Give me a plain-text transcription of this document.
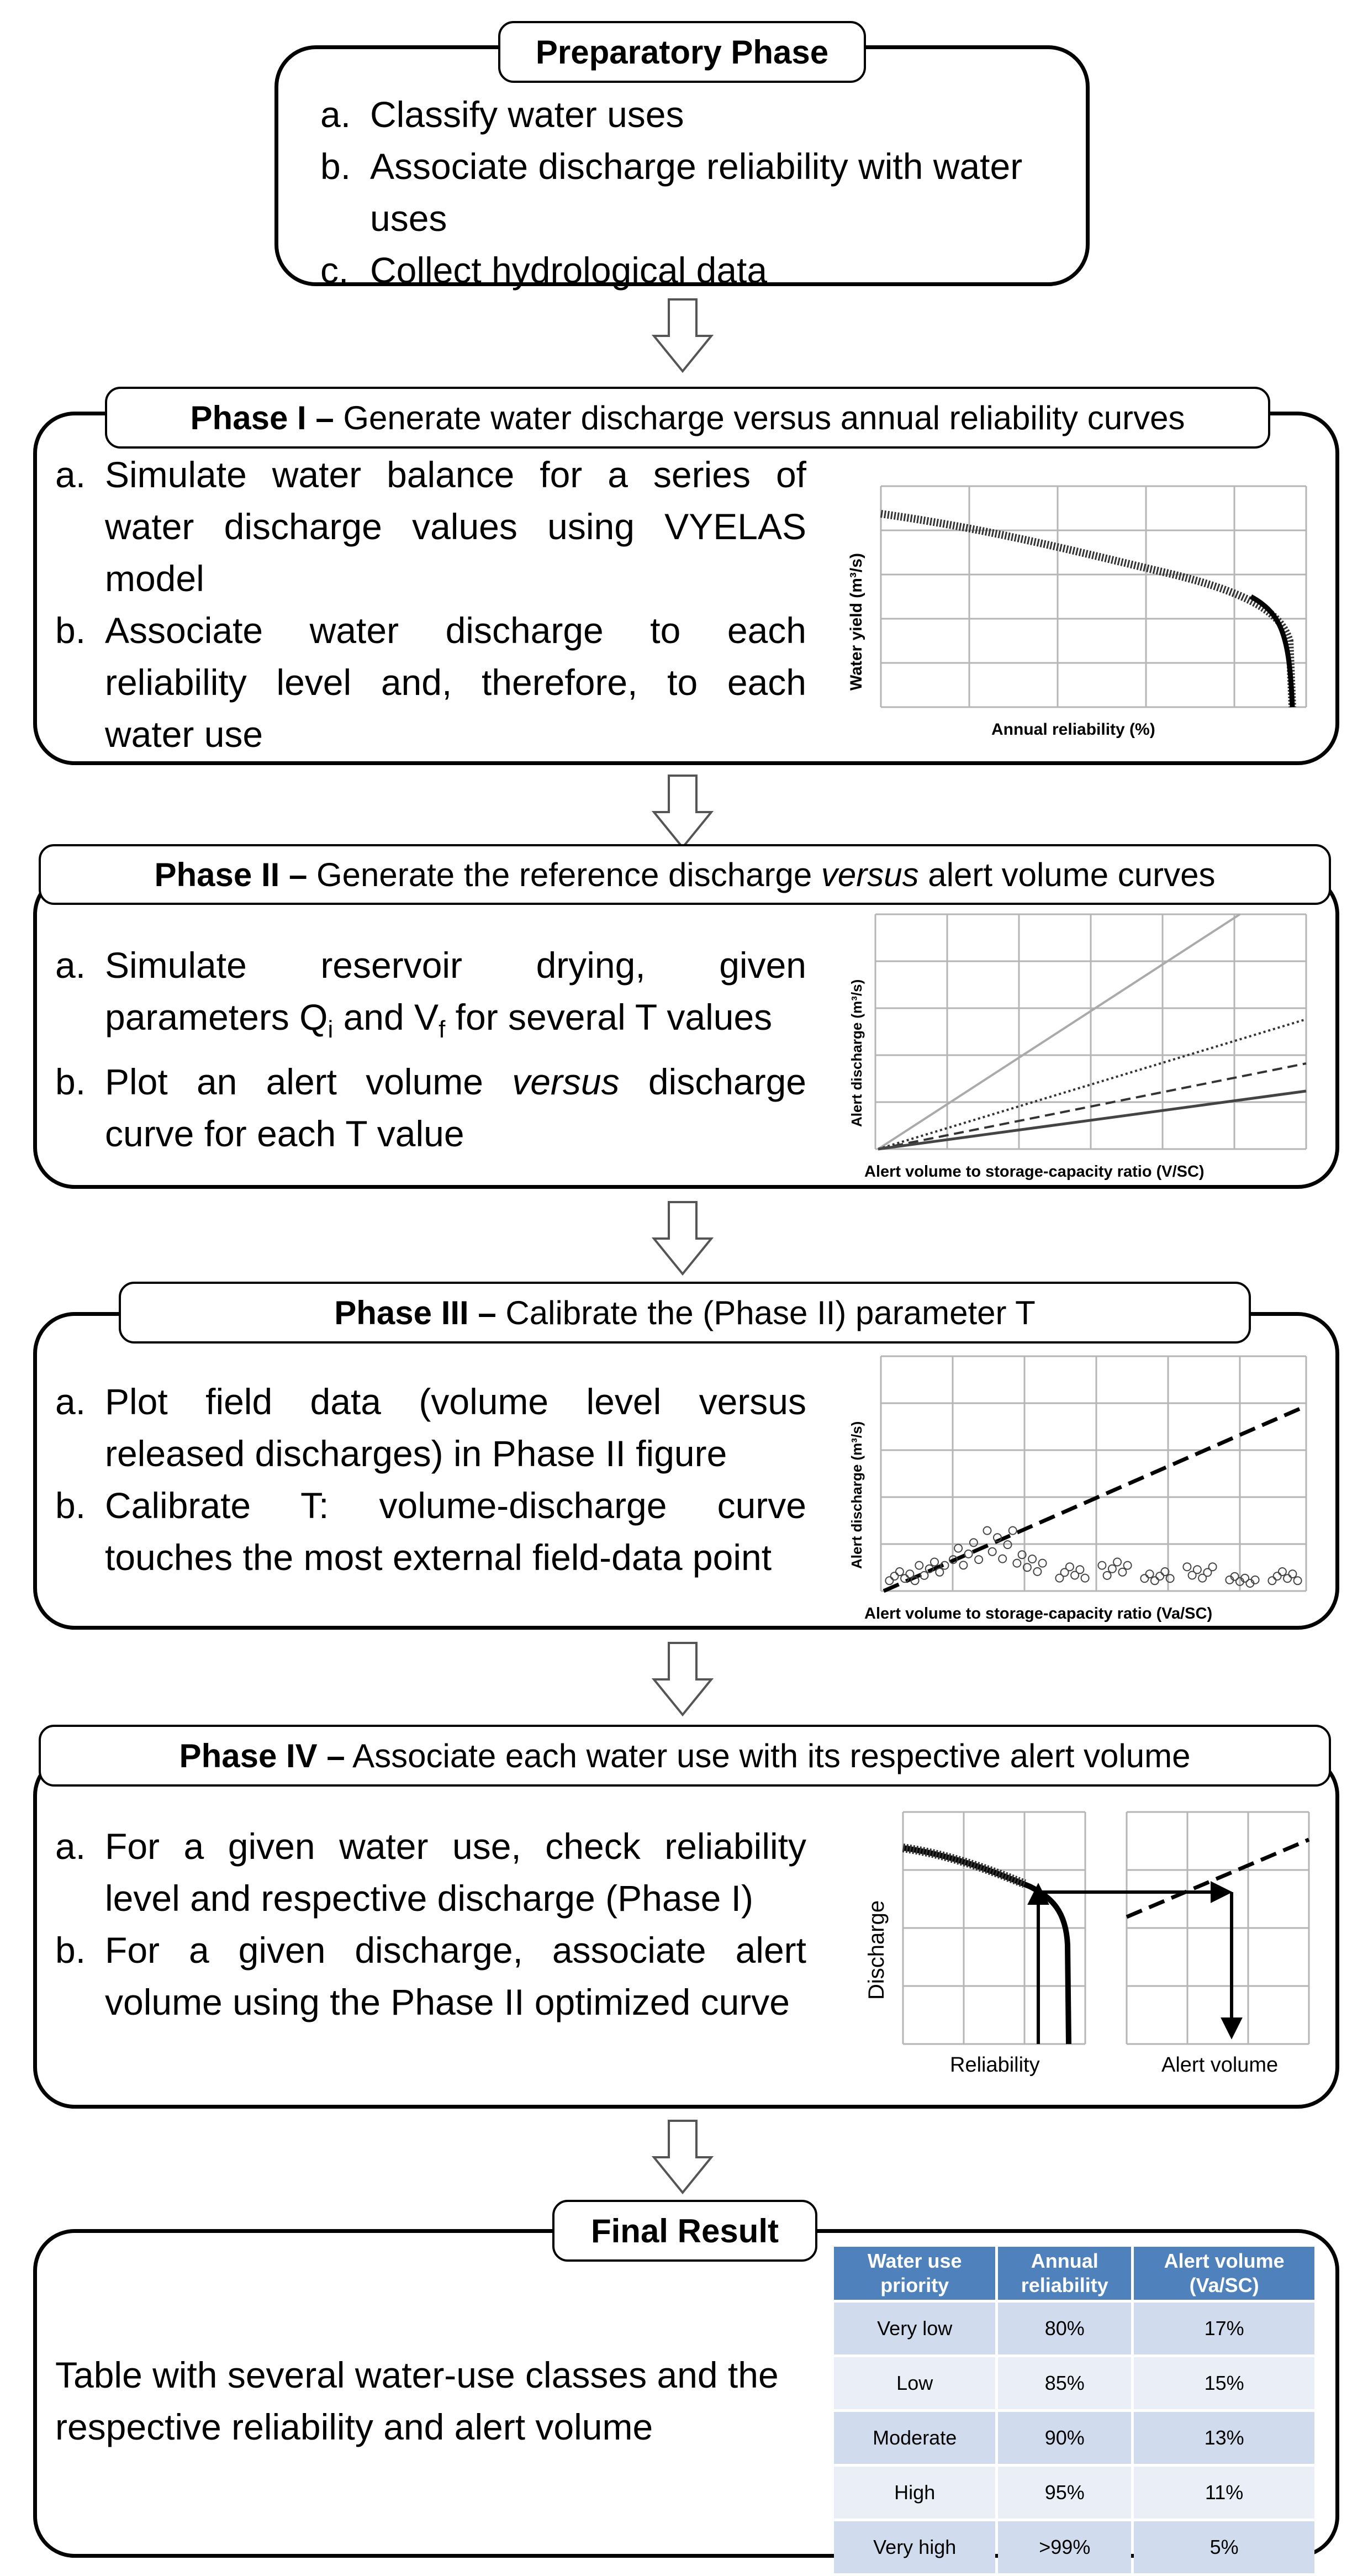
Preparatory Phase
a. Classify water uses
b. Associate discharge reliability with water uses
c. Collect hydrological data
Phase I – Generate water discharge versus annual reliability curves
a. Simulate water balance for a series of water discharge values using VYELAS model
b. Associate water discharge to each reliability level and, therefore, to each water use
Water yield (m³/s)
Annual reliability (%)
Phase II – Generate the reference discharge versus alert volume curves
a. Simulate reservoir drying, given parameters $Q_i$ and $V_f$ for several T values
b. Plot an alert volume versus discharge curve for each T value
Alert discharge (m³/s)
Alert volume to storage-capacity ratio (V/SC)
Phase III – Calibrate the (Phase II) parameter T
a. Plot field data (volume level versus released discharges) in Phase II figure
b. Calibrate T: volume-discharge curve touches the most external field-data point	Alert discharge (m³/s)
Alert volume to storage-capacity ratio (Va/SC)
Phase IV – Associate each water use with its respective alert volume
a. For a given water use, check reliability level and respective discharge (Phase I)
b. For a given discharge, associate alert volume using the Phase II optimized curve
Discharge
Reliability	Alert volume
Final Result
Table with several water-use classes and the respective reliability and alert volume
Water use priority	Annual reliability	Alert volume (Va/SC)
Very low	80%	17%
Low	85%	15%
Moderate	90%	13%
High	95%	11%
Very high	>99%	5%
